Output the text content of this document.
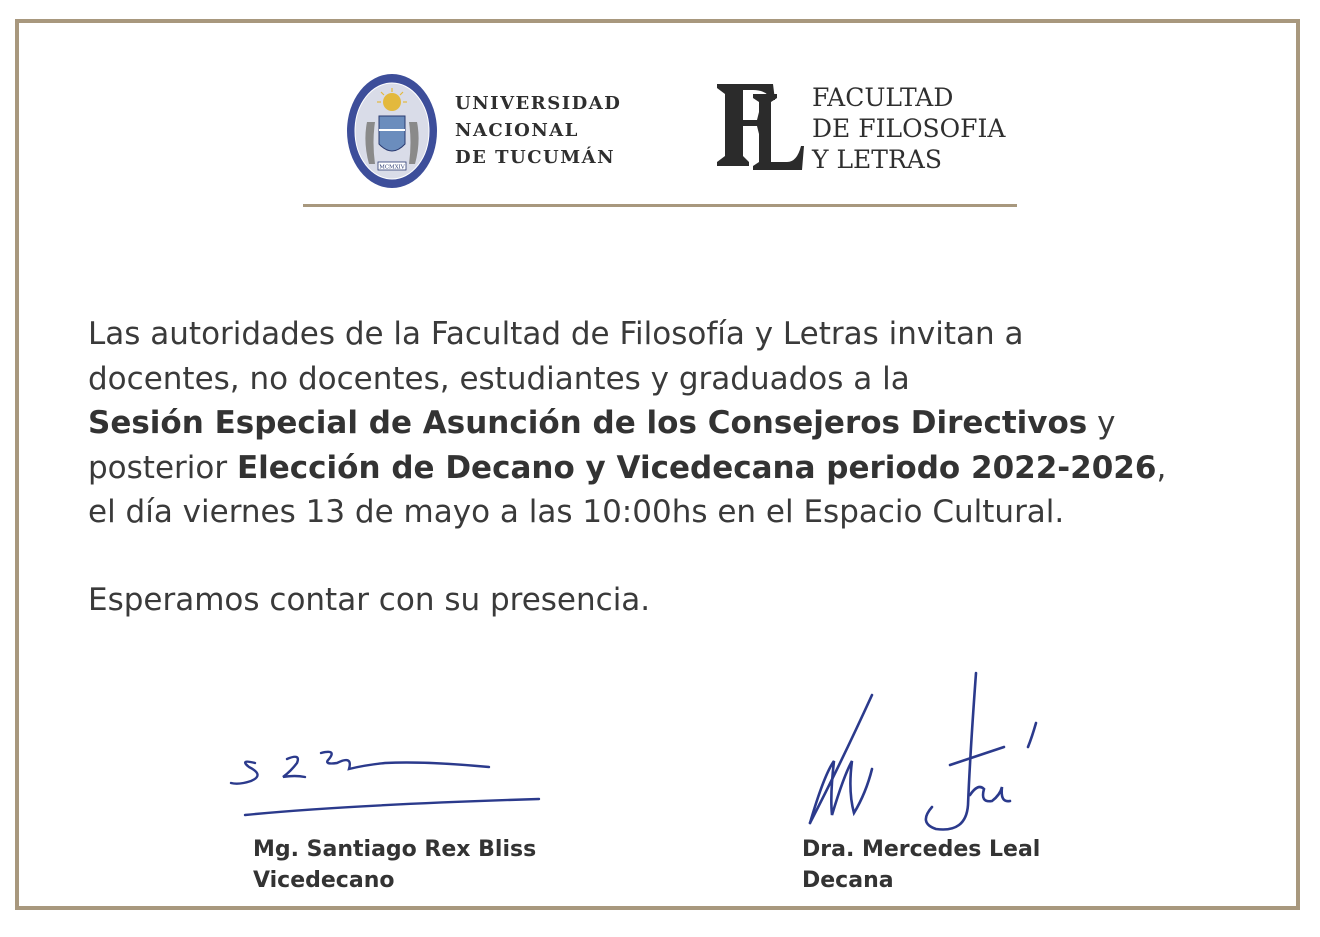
MCMXIV
UNIVERSIDAD
NACIONAL
DE TUCUMÁN
FACULTAD
DE FILOSOFIA
Y LETRAS

Las autoridades de la Facultad de Filosofía y Letras invitan a

docentes, no docentes, estudiantes y graduados a la

Sesión Especial de Asunción de los Consejeros Directivos y

posterior Elección de Decano y Vicedecana periodo 2022-2026,

el día viernes 13 de mayo a las 10:00hs en el Espacio Cultural.

Esperamos contar con su presencia.
Mg. Santiago Rex Bliss
Vicedecano
Dra. Mercedes Leal
Decana
